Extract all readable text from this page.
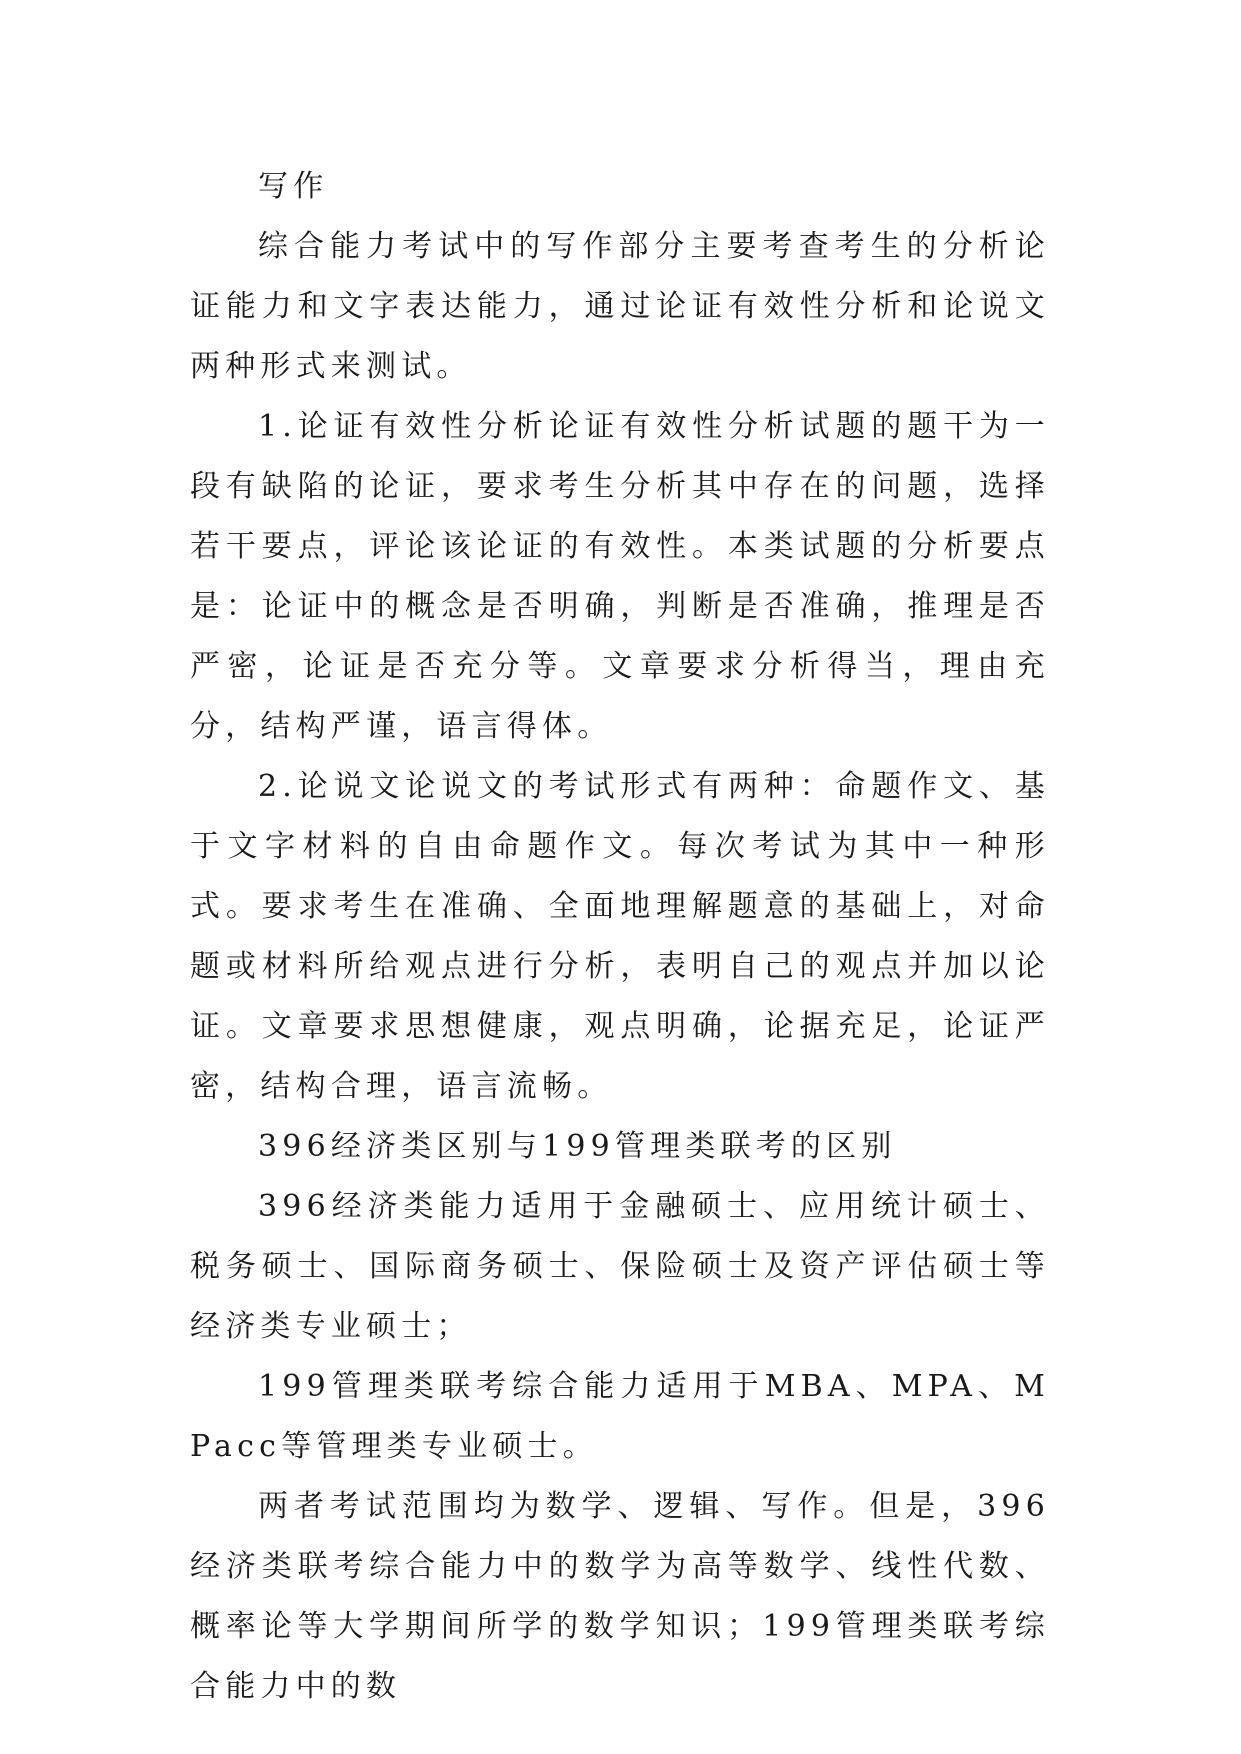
写作

综合能力考试中的写作部分主要考查考生的分析论证能力和文字表达能力，通过论证有效性分析和论说文两种形式来测试。

1.论证有效性分析论证有效性分析试题的题干为一段有缺陷的论证，要求考生分析其中存在的问题，选择若干要点，评论该论证的有效性。本类试题的分析要点是：论证中的概念是否明确，判断是否准确，推理是否严密，论证是否充分等。文章要求分析得当，理由充分，结构严谨，语言得体。

2.论说文论说文的考试形式有两种：命题作文、基于文字材料的自由命题作文。每次考试为其中一种形式。要求考生在准确、全面地理解题意的基础上，对命题或材料所给观点进行分析，表明自己的观点并加以论证。文章要求思想健康，观点明确，论据充足，论证严密，结构合理，语言流畅。

396经济类区别与199管理类联考的区别

396经济类能力适用于金融硕士、应用统计硕士、税务硕士、国际商务硕士、保险硕士及资产评估硕士等经济类专业硕士；

199管理类联考综合能力适用于MBA、MPA、MPacc等管理类专业硕士。

两者考试范围均为数学、逻辑、写作。但是，396经济类联考综合能力中的数学为高等数学、线性代数、概率论等大学期间所学的数学知识；199管理类联考综合能力中的数
